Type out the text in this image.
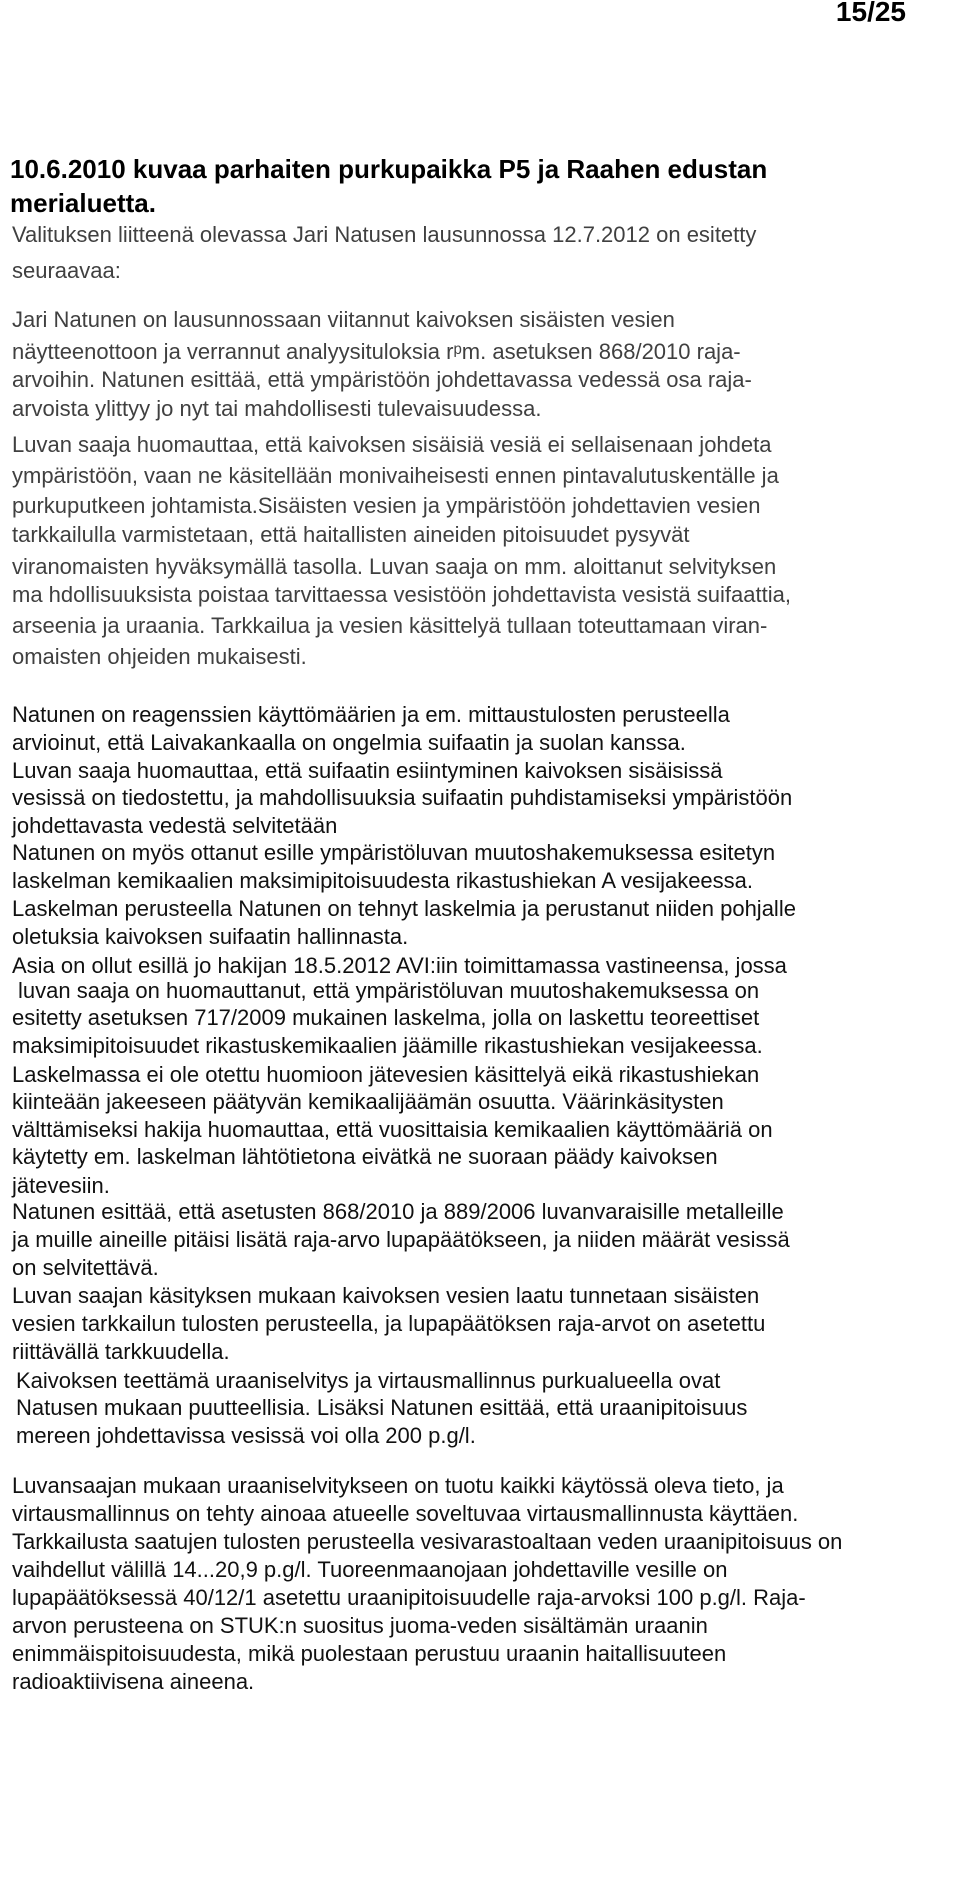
15/25
10.6.2010 kuvaa parhaiten purkupaikka P5 ja Raahen edustan merialuetta.
Valituksen liitteenä olevassa Jari Natusen lausunnossa 12.7.2012 on esitetty
seuraavaa:
Jari Natunen on lausunnossaan viitannut kaivoksen sisäisten vesien
näytteenottoon ja verrannut analyysituloksia rᵖm. asetuksen 868/2010 raja-
arvoihin. Natunen esittää, että ympäristöön johdettavassa vedessä osa raja-
arvoista ylittyy jo nyt tai mahdollisesti tulevaisuudessa.
Luvan saaja huomauttaa, että kaivoksen sisäisiä vesiä ei sellaisenaan johdeta
ympäristöön, vaan ne käsitellään monivaiheisesti ennen pintavalutuskentälle ja
purkuputkeen johtamista.Sisäisten vesien ja ympäristöön johdettavien vesien
tarkkailulla varmistetaan, että haitallisten aineiden pitoisuudet pysyvät
viranomaisten hyväksymällä tasolla. Luvan saaja on mm. aloittanut selvityksen
ma hdollisuuksista poistaa tarvittaessa vesistöön johdettavista vesistä suifaattia,
arseenia ja uraania. Tarkkailua ja vesien käsittelyä tullaan toteuttamaan viran-
omaisten ohjeiden mukaisesti.
Natunen on reagenssien käyttömäärien ja em. mittaustulosten perusteella
arvioinut, että Laivakankaalla on ongelmia suifaatin ja suolan kanssa.
Luvan saaja huomauttaa, että suifaatin esiintyminen kaivoksen sisäisissä
vesissä on tiedostettu, ja mahdollisuuksia suifaatin puhdistamiseksi ympäristöön
johdettavasta vedestä selvitetään
Natunen on myös ottanut esille ympäristöluvan muutoshakemuksessa esitetyn
laskelman kemikaalien maksimipitoisuudesta rikastushiekan A vesijakeessa.
Laskelman perusteella Natunen on tehnyt laskelmia ja perustanut niiden pohjalle
oletuksia kaivoksen suifaatin hallinnasta.
Asia on ollut esillä jo hakijan 18.5.2012 AVI:iin toimittamassa vastineensa, jossa
luvan saaja on huomauttanut, että ympäristöluvan muutoshakemuksessa on
esitetty asetuksen 717/2009 mukainen laskelma, jolla on laskettu teoreettiset
maksimipitoisuudet rikastuskemikaalien jäämille rikastushiekan vesijakeessa.
Laskelmassa ei ole otettu huomioon jätevesien käsittelyä eikä rikastushiekan
kiinteään jakeeseen päätyvän kemikaalijäämän osuutta. Väärinkäsitysten
välttämiseksi hakija huomauttaa, että vuosittaisia kemikaalien käyttömääriä on
käytetty em. laskelman lähtötietona eivätkä ne suoraan päädy kaivoksen
jätevesiin.
Natunen esittää, että asetusten 868/2010 ja 889/2006 luvanvaraisille metalleille
ja muille aineille pitäisi lisätä raja-arvo lupapäätökseen, ja niiden määrät vesissä
on selvitettävä.
Luvan saajan käsityksen mukaan kaivoksen vesien laatu tunnetaan sisäisten
vesien tarkkailun tulosten perusteella, ja lupapäätöksen raja-arvot on asetettu
riittävällä tarkkuudella.
Kaivoksen teettämä uraaniselvitys ja virtausmallinnus purkualueella ovat
Natusen mukaan puutteellisia. Lisäksi Natunen esittää, että uraanipitoisuus
mereen johdettavissa vesissä voi olla 200 p.g/l.
Luvansaajan mukaan uraaniselvitykseen on tuotu kaikki käytössä oleva tieto, ja
virtausmallinnus on tehty ainoaa atueelle soveltuvaa virtausmallinnusta käyttäen.
Tarkkailusta saatujen tulosten perusteella vesivarastoaltaan veden uraanipitoisuus on
vaihdellut välillä 14...20,9 p.g/l. Tuoreenmaanojaan johdettaville vesille on
lupapäätöksessä 40/12/1 asetettu uraanipitoisuudelle raja-arvoksi 100 p.g/l. Raja-
arvon perusteena on STUK:n suositus juoma-veden sisältämän uraanin
enimmäispitoisuudesta, mikä puolestaan perustuu uraanin haitallisuuteen
radioaktiivisena aineena.
